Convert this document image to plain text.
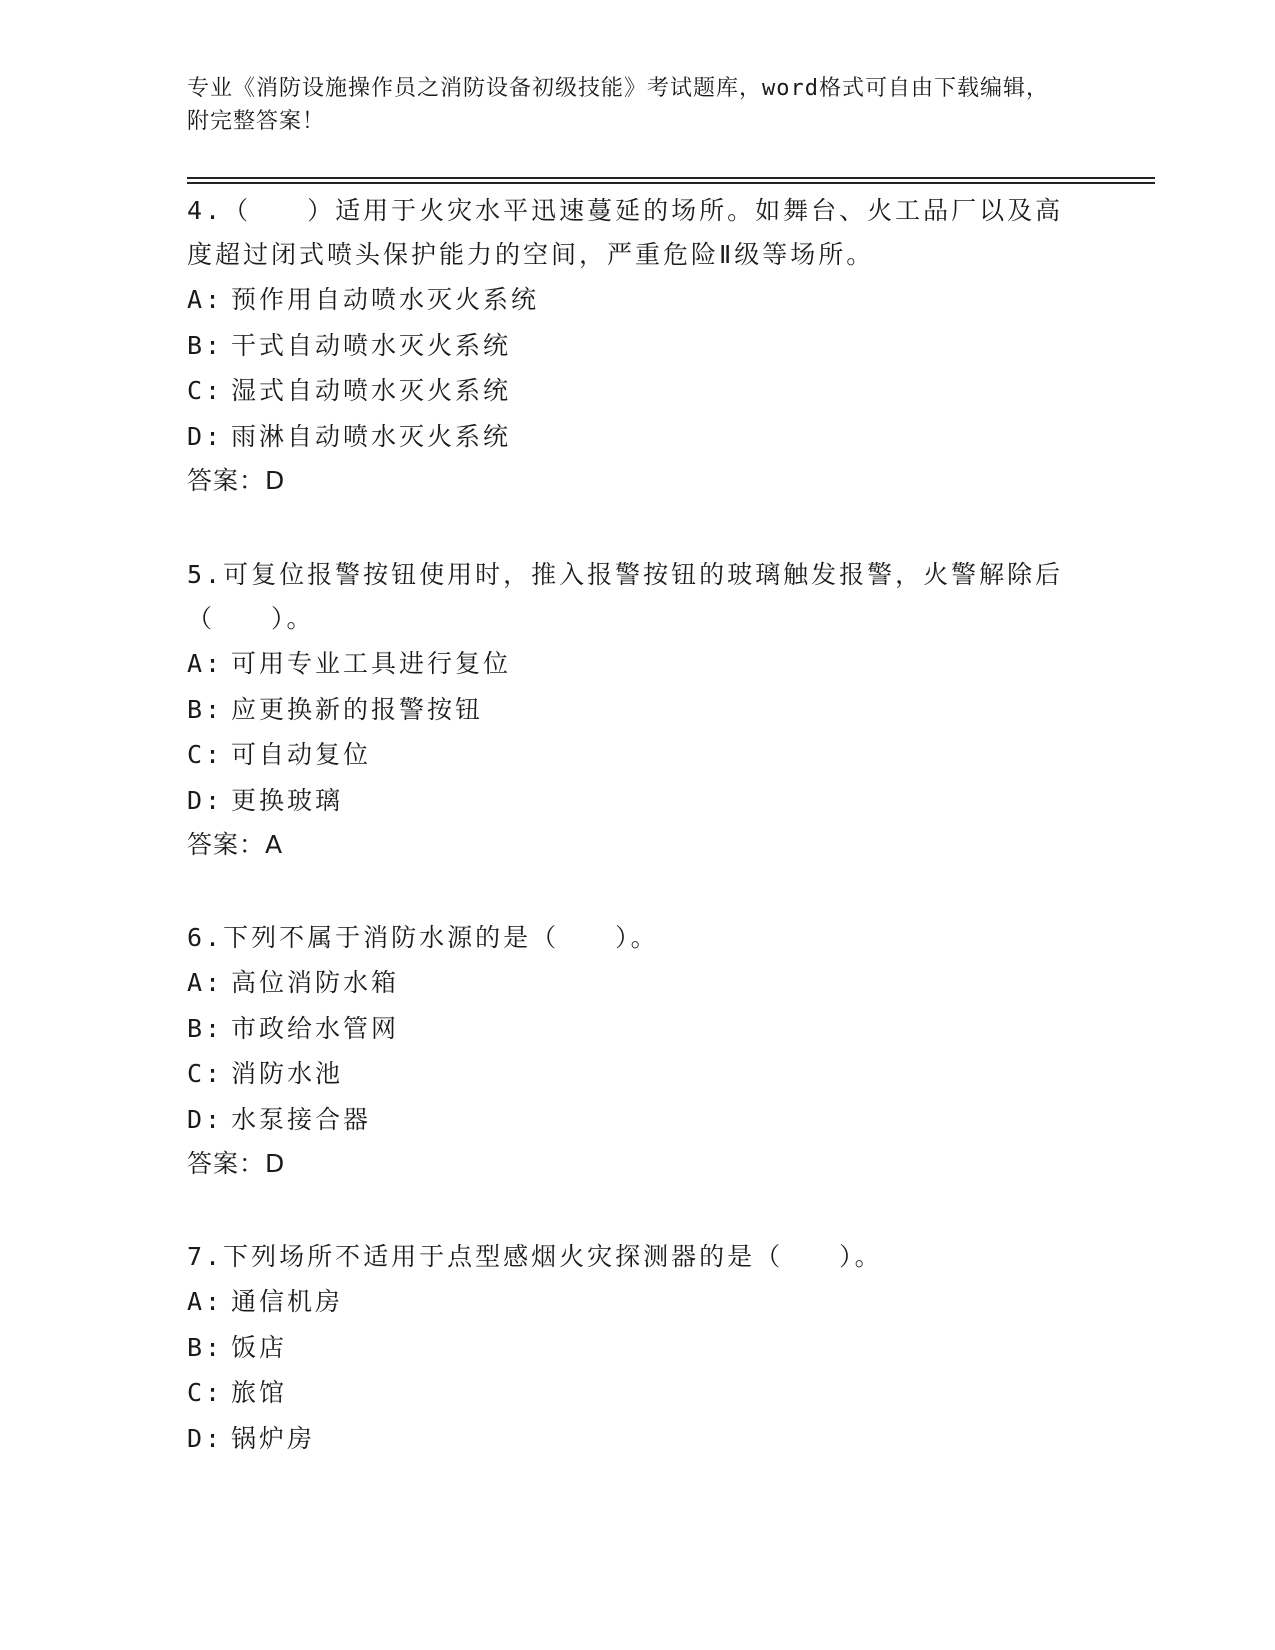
专业《消防设施操作员之消防设备初级技能》考试题库，word格式可自由下载编辑，附完整答案！

4.（　　）适用于火灾水平迅速蔓延的场所。如舞台、火工品厂以及高度超过闭式喷头保护能力的空间，严重危险Ⅱ级等场所。

A: 预作用自动喷水灭火系统

B: 干式自动喷水灭火系统

C: 湿式自动喷水灭火系统

D: 雨淋自动喷水灭火系统

答案：D

5.可复位报警按钮使用时，推入报警按钮的玻璃触发报警，火警解除后（　　）。

A: 可用专业工具进行复位

B: 应更换新的报警按钮

C: 可自动复位

D: 更换玻璃

答案：A

6.下列不属于消防水源的是（　　）。

A: 高位消防水箱

B: 市政给水管网

C: 消防水池

D: 水泵接合器

答案：D

7.下列场所不适用于点型感烟火灾探测器的是（　　）。

A: 通信机房

B: 饭店

C: 旅馆

D: 锅炉房
